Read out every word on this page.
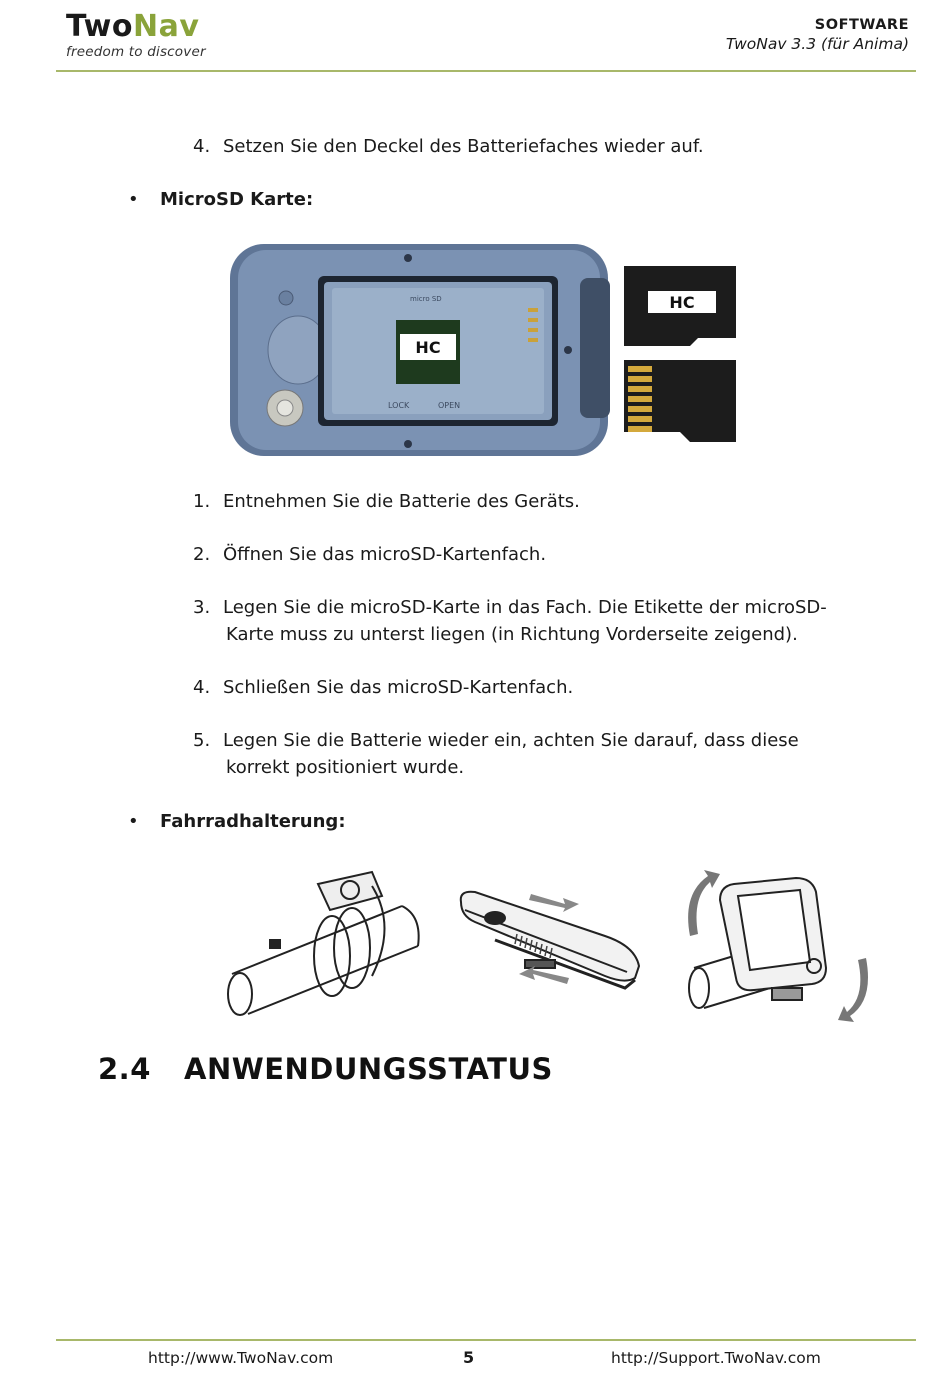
TwoNav
freedom to discover
SOFTWARE
TwoNav 3.3 (für Anima)
4. Setzen Sie den Deckel des Batteriefaches wieder auf.
• MicroSD Karte:
micro SD
HC
LOCK	OPEN
HC
1. Entnehmen Sie die Batterie des Geräts.
2. Öffnen Sie das microSD-Kartenfach.
3. Legen Sie die microSD-Karte in das Fach. Die Etikette der microSD-
Karte muss zu unterst liegen (in Richtung Vorderseite zeigend).
4. Schließen Sie das microSD-Kartenfach.
5. Legen Sie die Batterie wieder ein, achten Sie darauf, dass diese
korrekt positioniert wurde.
• Fahrradhalterung:
2.4 ANWENDUNGSSTATUS
http://www.TwoNav.com	5	http://Support.TwoNav.com
